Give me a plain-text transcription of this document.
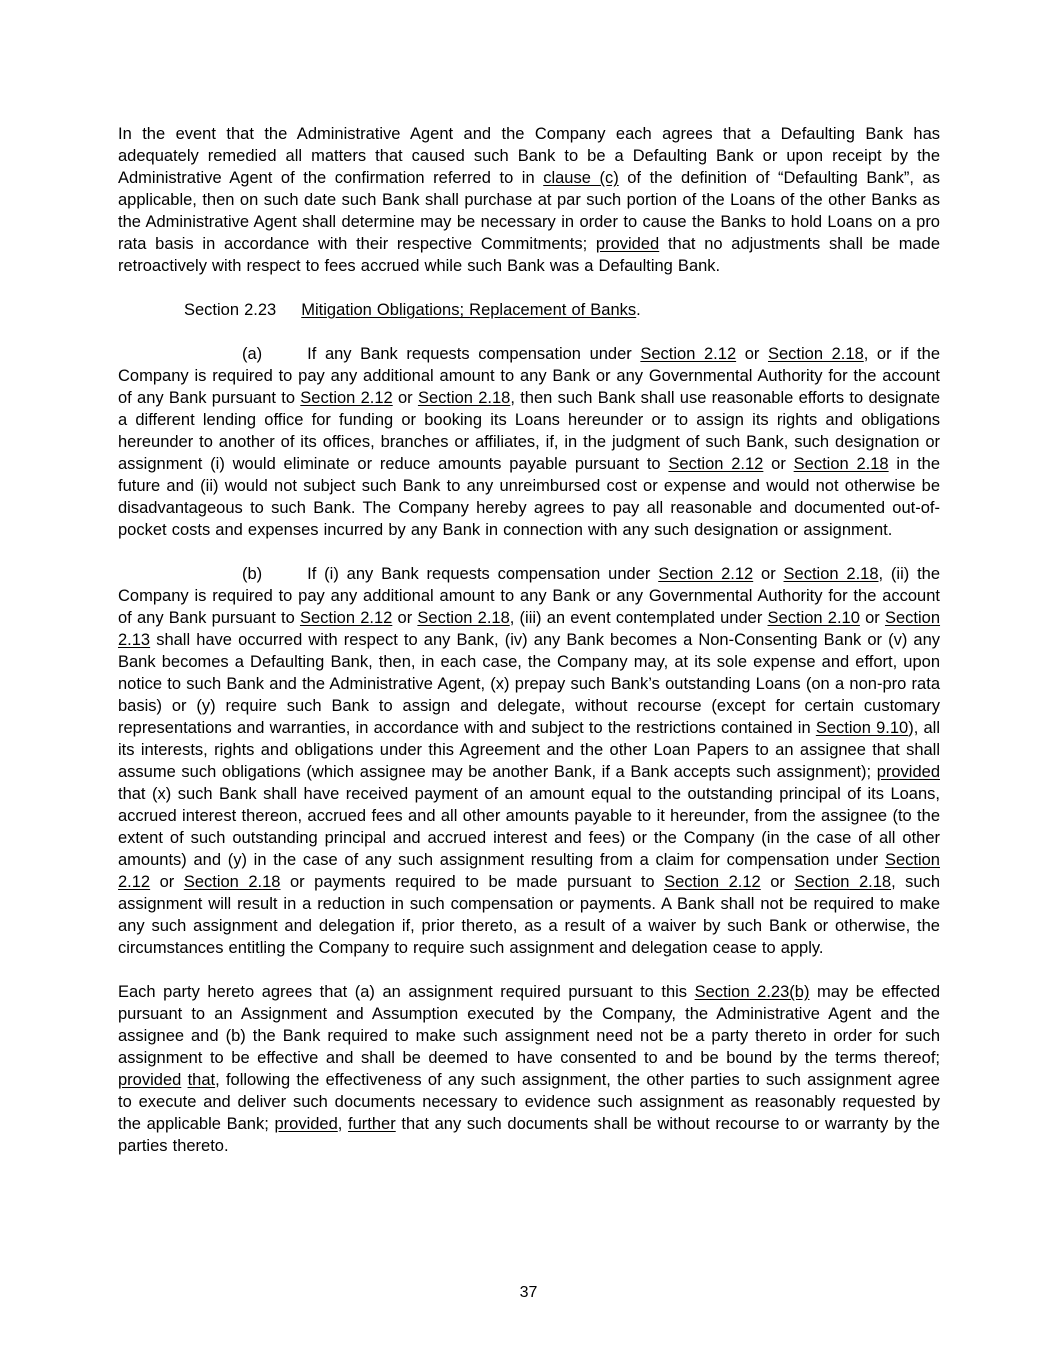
In the event that the Administrative Agent and the Company each agrees that a Defaulting Bank has adequately remedied all matters that caused such Bank to be a Defaulting Bank or upon receipt by the Administrative Agent of the confirmation referred to in clause (c) of the definition of “Defaulting Bank”, as applicable, then on such date such Bank shall purchase at par such portion of the Loans of the other Banks as the Administrative Agent shall determine may be necessary in order to cause the Banks to hold Loans on a pro rata basis in accordance with their respective Commitments; provided that no adjustments shall be made retroactively with respect to fees accrued while such Bank was a Defaulting Bank.

Section 2.23 Mitigation Obligations; Replacement of Banks.

(a)	If any Bank requests compensation under Section 2.12 or Section 2.18, or if the Company is required to pay any additional amount to any Bank or any Governmental Authority for the account of any Bank pursuant to Section 2.12 or Section 2.18, then such Bank shall use reasonable efforts to designate a different lending office for funding or booking its Loans hereunder or to assign its rights and obligations hereunder to another of its offices, branches or affiliates, if, in the judgment of such Bank, such designation or assignment (i) would eliminate or reduce amounts payable pursuant to Section 2.12 or Section 2.18 in the future and (ii) would not subject such Bank to any unreimbursed cost or expense and would not otherwise be disadvantageous to such Bank. The Company hereby agrees to pay all reasonable and documented out-of-pocket costs and expenses incurred by any Bank in connection with any such designation or assignment.

(b)	If (i) any Bank requests compensation under Section 2.12 or Section 2.18, (ii) the Company is required to pay any additional amount to any Bank or any Governmental Authority for the account of any Bank pursuant to Section 2.12 or Section 2.18, (iii) an event contemplated under Section 2.10 or Section 2.13 shall have occurred with respect to any Bank, (iv) any Bank becomes a Non-Consenting Bank or (v) any Bank becomes a Defaulting Bank, then, in each case, the Company may, at its sole expense and effort, upon notice to such Bank and the Administrative Agent, (x) prepay such Bank’s outstanding Loans (on a non-pro rata basis) or (y) require such Bank to assign and delegate, without recourse (except for certain customary representations and warranties, in accordance with and subject to the restrictions contained in Section 9.10), all its interests, rights and obligations under this Agreement and the other Loan Papers to an assignee that shall assume such obligations (which assignee may be another Bank, if a Bank accepts such assignment); provided that (x) such Bank shall have received payment of an amount equal to the outstanding principal of its Loans, accrued interest thereon, accrued fees and all other amounts payable to it hereunder, from the assignee (to the extent of such outstanding principal and accrued interest and fees) or the Company (in the case of all other amounts) and (y) in the case of any such assignment resulting from a claim for compensation under Section 2.12 or Section 2.18 or payments required to be made pursuant to Section 2.12 or Section 2.18, such assignment will result in a reduction in such compensation or payments. A Bank shall not be required to make any such assignment and delegation if, prior thereto, as a result of a waiver by such Bank or otherwise, the circumstances entitling the Company to require such assignment and delegation cease to apply.

Each party hereto agrees that (a) an assignment required pursuant to this Section 2.23(b) may be effected pursuant to an Assignment and Assumption executed by the Company, the Administrative Agent and the assignee and (b) the Bank required to make such assignment need not be a party thereto in order for such assignment to be effective and shall be deemed to have consented to and be bound by the terms thereof; provided that, following the effectiveness of any such assignment, the other parties to such assignment agree to execute and deliver such documents necessary to evidence such assignment as reasonably requested by the applicable Bank; provided, further that any such documents shall be without recourse to or warranty by the parties thereto.

37
